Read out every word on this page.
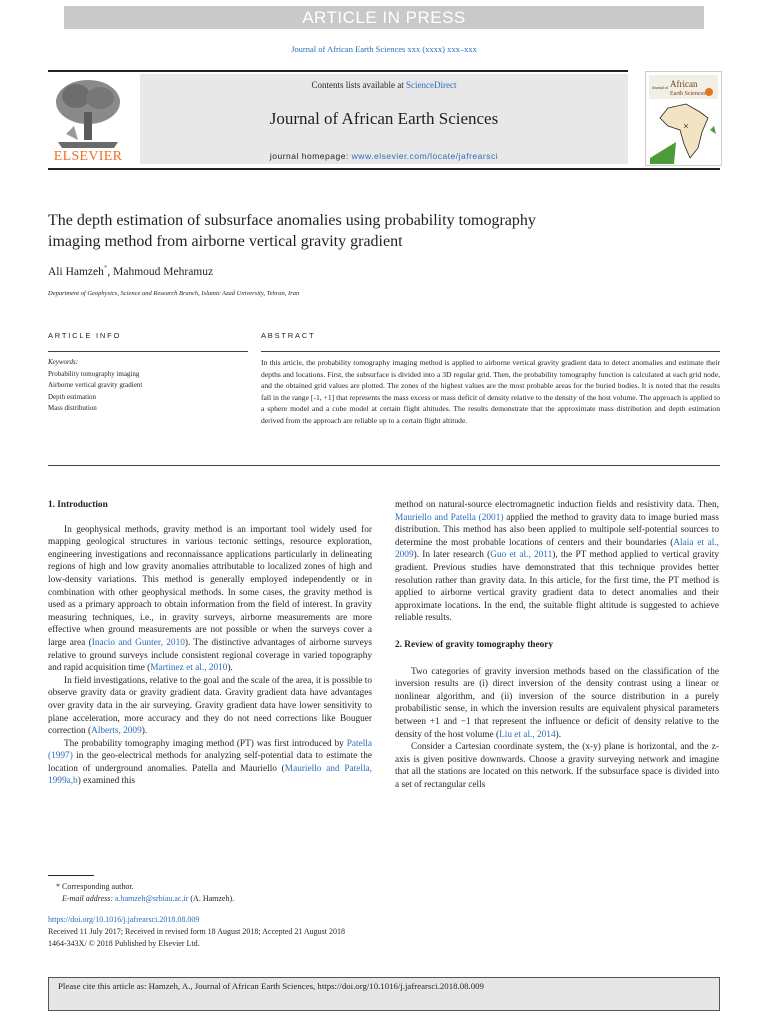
ARTICLE IN PRESS
Journal of African Earth Sciences xxx (xxxx) xxx–xxx
ELSEVIER
Contents lists available at ScienceDirect
Journal of African Earth Sciences
journal homepage: www.elsevier.com/locate/jafrearsci
Journal of African
Earth Sciences
⨯
The depth estimation of subsurface anomalies using probability tomography
imaging method from airborne vertical gravity gradient
Ali Hamzeh*, Mahmoud Mehramuz
Department of Geophysics, Science and Research Branch, Islamic Azad University, Tehran, Iran
ARTICLE INFO	ABSTRACT
Keywords:
Probability tomography imaging
Airborne vertical gravity gradient
Depth estimation
Mass distribution
In this article, the probability tomography imaging method is applied to airborne vertical gravity gradient data to detect anomalies and estimate their depths and locations. First, the subsurface is divided into a 3D regular grid. Then, the probability tomography function is calculated at each grid node, and the obtained grid values are plotted. The zones of the highest values are the most probable areas for the buried bodies. It is noted that the results fall in the range [-1, +1] that represents the mass excess or mass deficit of density relative to the density of the host volume. The approach is applied to a sphere model and a cube model at certain flight altitudes. The results demonstrate that the approximate mass distribution and depth estimation derived from the approach are reliable up to a certain flight altitude.
1. Introduction

In geophysical methods, gravity method is an important tool widely used for mapping geological structures in various tectonic settings, resource exploration, engineering investigations and reconnaissance applications particularly in delineating regions of high and low gravity anomalies attributable to localized zones of high and low-density variations. This method is generally employed independently or in combination with other geophysical methods. In some cases, the gravity method is used as a primary approach to obtain information from the field of interest. In gravity measuring techniques, i.e., in gravity surveys, airborne measurements are more effective when ground measurements are not possible or when the surveys cover a large area (Inacio and Gunter, 2010). The distinctive advantages of airborne surveys relative to ground surveys include consistent regional coverage in varied topography and rapid acquisition time (Martinez et al., 2010).

In field investigations, relative to the goal and the scale of the area, it is possible to observe gravity data or gravity gradient data. Gravity gradient data have advantages over gravity data in the air surveying. Gravity gradient data have lower sensitivity to plane acceleration, more accuracy and they do not need corrections like Bouguer correction (Alberts, 2009).

The probability tomography imaging method (PT) was first introduced by Patella (1997) in the geo-electrical methods for analyzing self-potential data to estimate the location of underground anomalies. Patella and Mauriello (Mauriello and Patella, 1999a,b) examined this

method on natural-source electromagnetic induction fields and resistivity data. Then, Mauriello and Patella (2001) applied the method to gravity data to image buried mass distribution. This method has also been applied to multipole self-potential sources to determine the most probable locations of centers and their boundaries (Alaia et al., 2009). In later research (Guo et al., 2011), the PT method applied to vertical gravity gradient. Previous studies have demonstrated that this technique provides better resolution rather than gravity data. In this article, for the first time, the PT method is applied to airborne vertical gravity gradient data to detect anomalies and their approximate locations. In the end, the suitable flight altitude is suggested to achieve reliable results.

2. Review of gravity tomography theory

Two categories of gravity inversion methods based on the classification of the inversion results are (i) direct inversion of the density contrast using a linear or nonlinear algorithm, and (ii) inversion of the source distribution in a purely probabilistic sense, in which the inversion results are equivalent physical parameters between +1 and −1 that represent the influence or deficit of density relative to the density of the host volume (Liu et al., 2014).

Consider a Cartesian coordinate system, the (x-y) plane is horizontal, and the z-axis is given positive downwards. Choose a gravity surveying network and imagine that all the stations are located on this network. If the subsurface space is divided into a set of rectangular cells

* Corresponding author.
E-mail address: a.hamzeh@srbiau.ac.ir (A. Hamzeh).
https://doi.org/10.1016/j.jafrearsci.2018.08.009
Received 11 July 2017; Received in revised form 18 August 2018; Accepted 21 August 2018
1464-343X/ © 2018 Published by Elsevier Ltd.
Please cite this article as: Hamzeh, A., Journal of African Earth Sciences, https://doi.org/10.1016/j.jafrearsci.2018.08.009
